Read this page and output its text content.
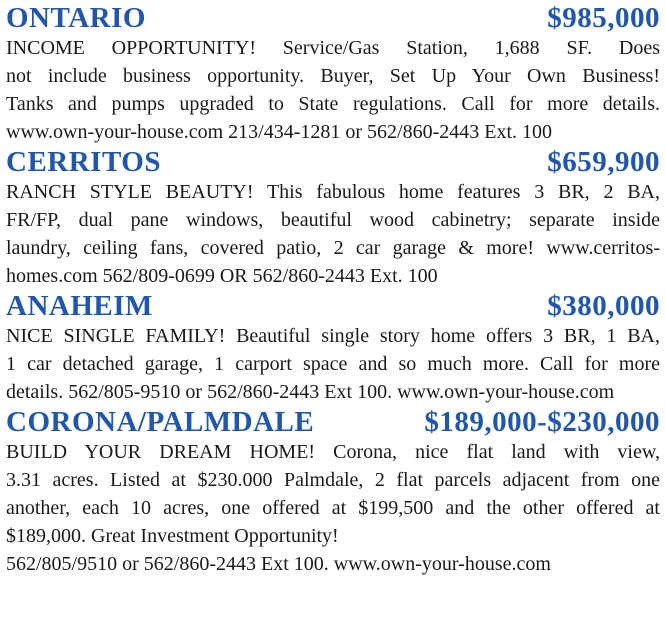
ONTARIO	$985,000
INCOME OPPORTUNITY! Service/Gas Station, 1,688 SF. Does
not include business opportunity. Buyer, Set Up Your Own Business!
Tanks and pumps upgraded to State regulations. Call for more details.
www.own-your-house.com 213/434-1281 or 562/860-2443 Ext. 100
CERRITOS	$659,900
RANCH STYLE BEAUTY! This fabulous home features 3 BR, 2 BA,
FR/FP, dual pane windows, beautiful wood cabinetry; separate inside
laundry, ceiling fans, covered patio, 2 car garage & more! www.cerritos-
homes.com 562/809-0699 OR 562/860-2443 Ext. 100
ANAHEIM	$380,000
NICE SINGLE FAMILY! Beautiful single story home offers 3 BR, 1 BA,
1 car detached garage, 1 carport space and so much more. Call for more
details. 562/805-9510 or 562/860-2443 Ext 100. www.own-your-house.com
CORONA/PALMDALE	$189,000-$230,000
BUILD YOUR DREAM HOME! Corona, nice flat land with view,
3.31 acres. Listed at $230.000 Palmdale, 2 flat parcels adjacent from one
another, each 10 acres, one offered at $199,500 and the other offered at
$189,000. Great Investment Opportunity!
562/805/9510 or 562/860-2443 Ext 100. www.own-your-house.com
